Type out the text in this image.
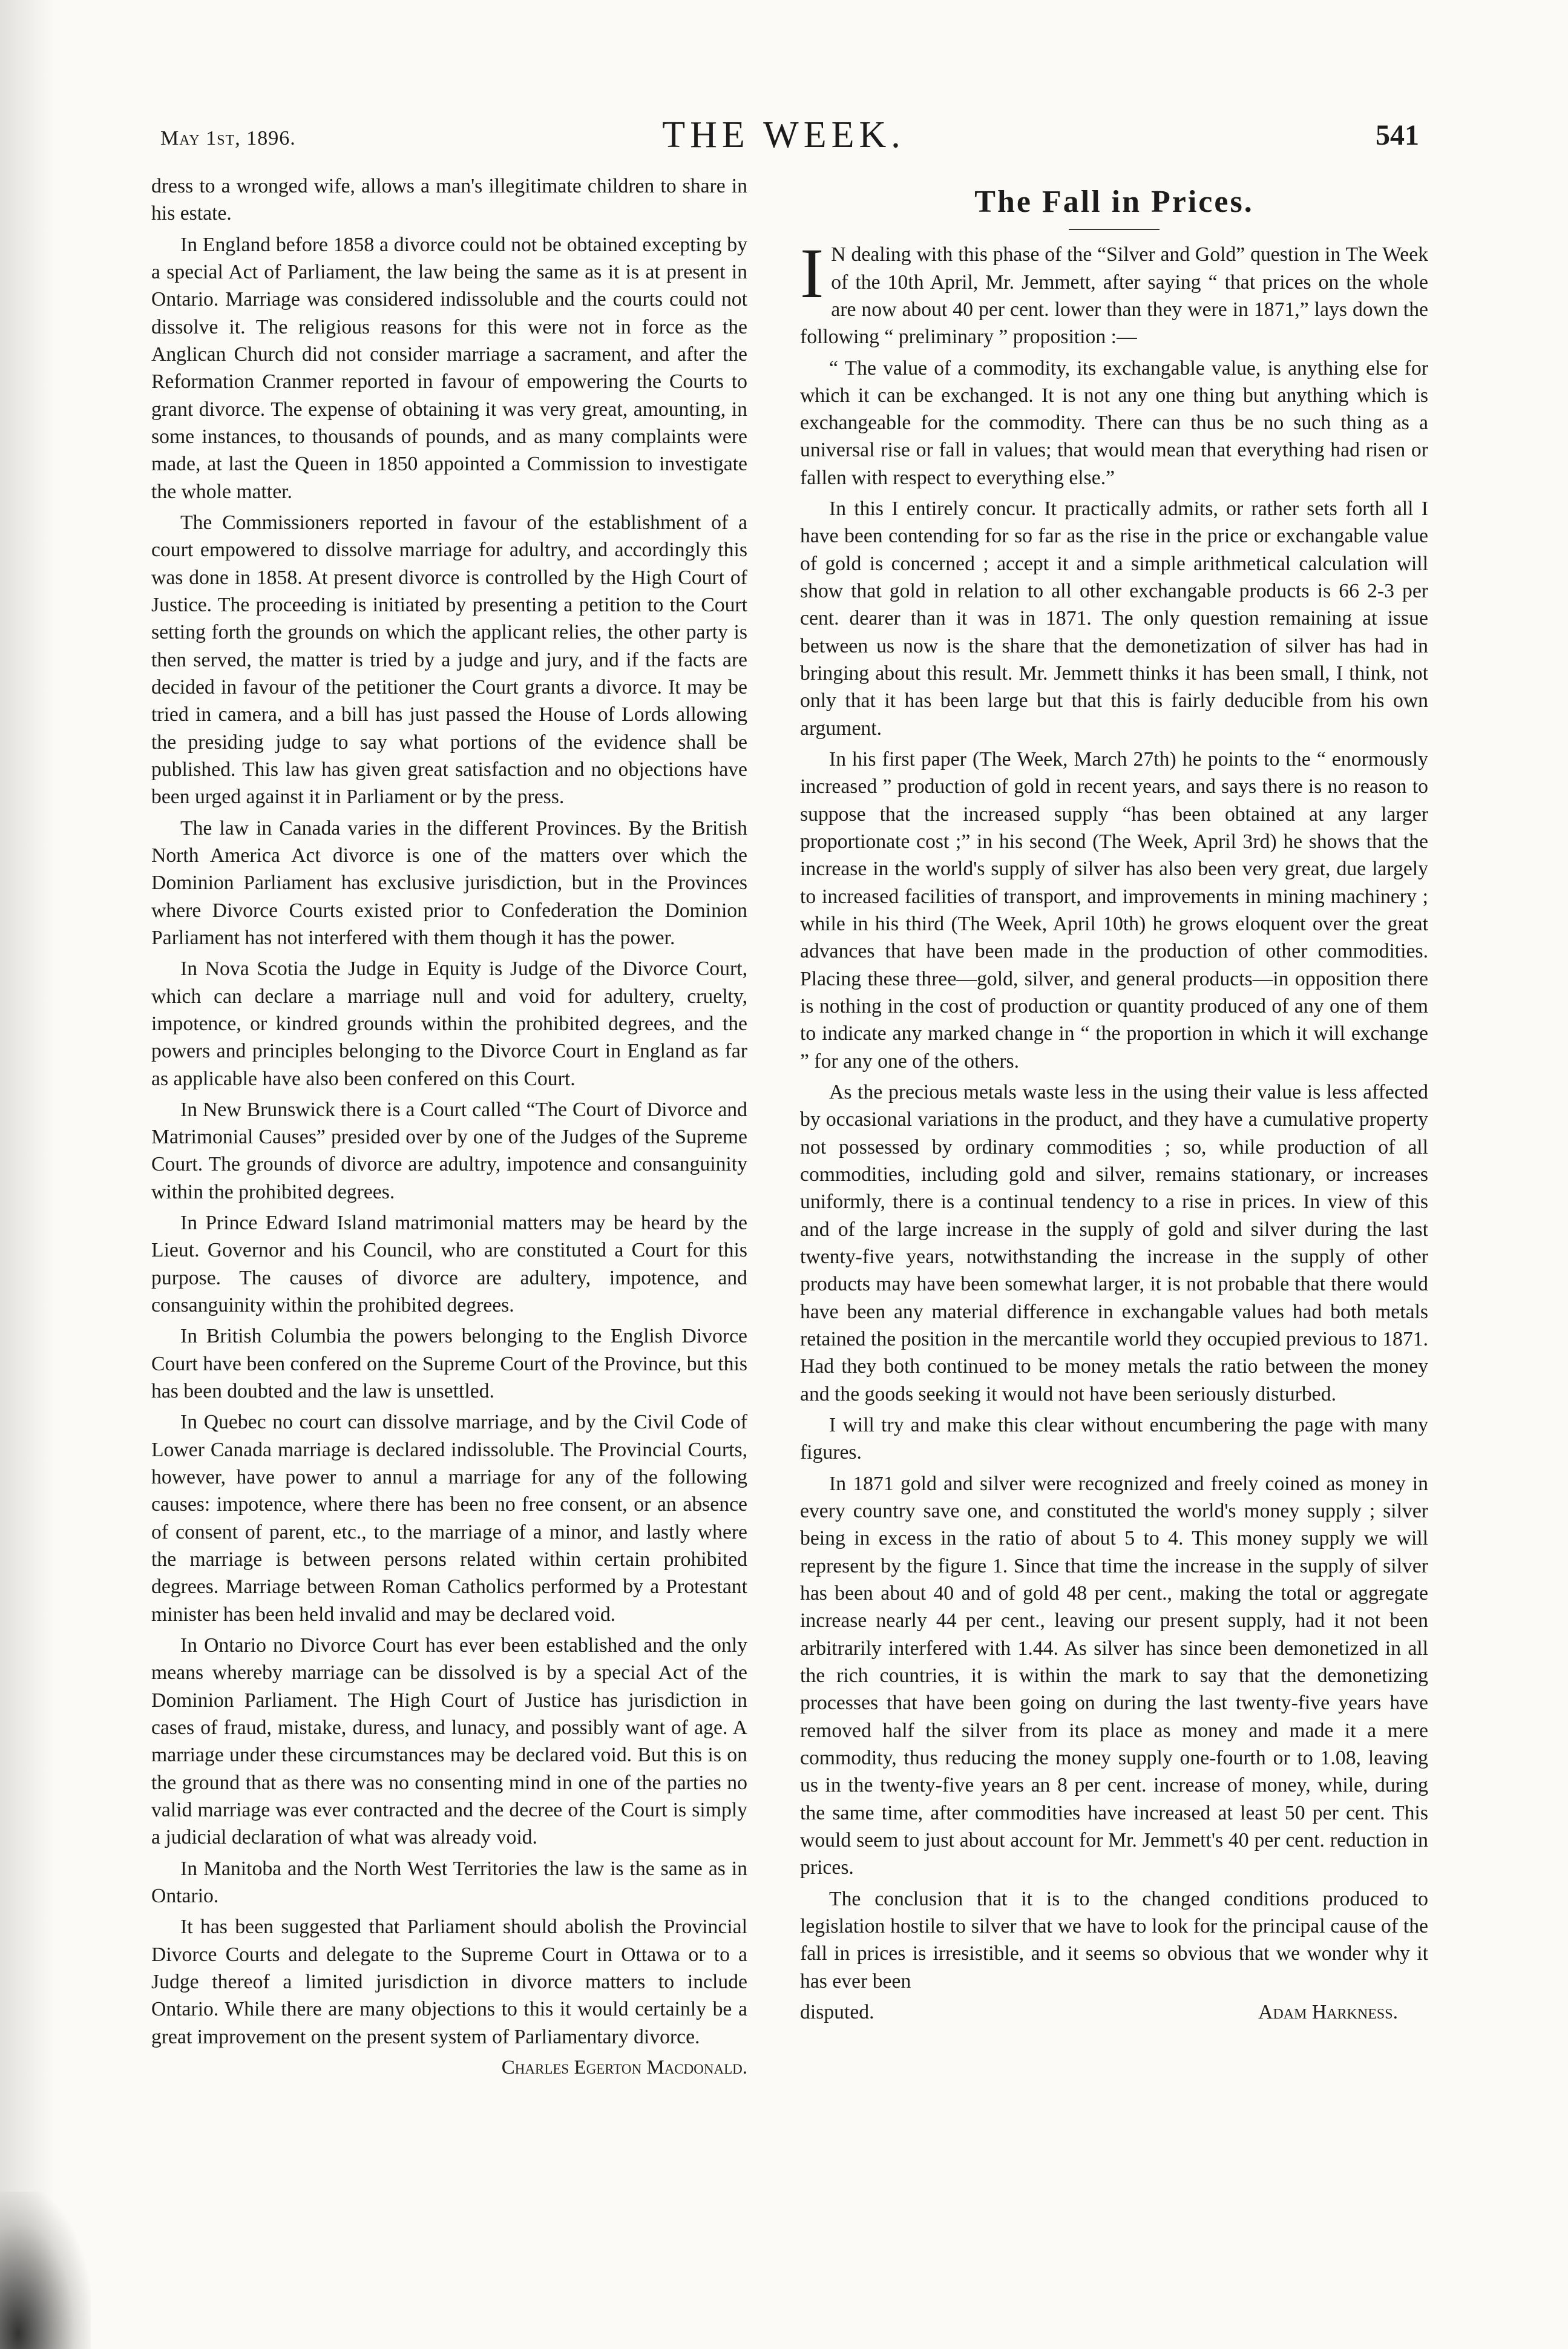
May 1st, 1896.	THE WEEK.	541

dress to a wronged wife, allows a man's illegitimate children to share in his estate.

In England before 1858 a divorce could not be obtained excepting by a special Act of Parliament, the law being the same as it is at present in Ontario. Marriage was considered indissoluble and the courts could not dissolve it. The religious reasons for this were not in force as the Anglican Church did not consider marriage a sacrament, and after the Reformation Cranmer reported in favour of empowering the Courts to grant divorce. The expense of obtaining it was very great, amounting, in some instances, to thousands of pounds, and as many complaints were made, at last the Queen in 1850 appointed a Commission to investigate the whole matter.

The Commissioners reported in favour of the establishment of a court empowered to dissolve marriage for adultry, and accordingly this was done in 1858. At present divorce is controlled by the High Court of Justice. The proceeding is initiated by presenting a petition to the Court setting forth the grounds on which the applicant relies, the other party is then served, the matter is tried by a judge and jury, and if the facts are decided in favour of the petitioner the Court grants a divorce. It may be tried in camera, and a bill has just passed the House of Lords allowing the presiding judge to say what portions of the evidence shall be published. This law has given great satisfaction and no objections have been urged against it in Parliament or by the press.

The law in Canada varies in the different Provinces. By the British North America Act divorce is one of the matters over which the Dominion Parliament has exclusive jurisdiction, but in the Provinces where Divorce Courts existed prior to Confederation the Dominion Parliament has not interfered with them though it has the power.

In Nova Scotia the Judge in Equity is Judge of the Divorce Court, which can declare a marriage null and void for adultery, cruelty, impotence, or kindred grounds within the prohibited degrees, and the powers and principles belonging to the Divorce Court in England as far as applicable have also been confered on this Court.

In New Brunswick there is a Court called “The Court of Divorce and Matrimonial Causes” presided over by one of the Judges of the Supreme Court. The grounds of divorce are adultry, impotence and consanguinity within the prohibited degrees.

In Prince Edward Island matrimonial matters may be heard by the Lieut. Governor and his Council, who are constituted a Court for this purpose. The causes of divorce are adultery, impotence, and consanguinity within the prohibited degrees.

In British Columbia the powers belonging to the English Divorce Court have been confered on the Supreme Court of the Province, but this has been doubted and the law is unsettled.

In Quebec no court can dissolve marriage, and by the Civil Code of Lower Canada marriage is declared indissoluble. The Provincial Courts, however, have power to annul a marriage for any of the following causes: impotence, where there has been no free consent, or an absence of consent of parent, etc., to the marriage of a minor, and lastly where the marriage is between persons related within certain prohibited degrees. Marriage between Roman Catholics performed by a Protestant minister has been held invalid and may be declared void.

In Ontario no Divorce Court has ever been established and the only means whereby marriage can be dissolved is by a special Act of the Dominion Parliament. The High Court of Justice has jurisdiction in cases of fraud, mistake, duress, and lunacy, and possibly want of age. A marriage under these circumstances may be declared void. But this is on the ground that as there was no consenting mind in one of the parties no valid marriage was ever contracted and the decree of the Court is simply a judicial declaration of what was already void.

In Manitoba and the North West Territories the law is the same as in Ontario.

It has been suggested that Parliament should abolish the Provincial Divorce Courts and delegate to the Supreme Court in Ottawa or to a Judge thereof a limited jurisdiction in divorce matters to include Ontario. While there are many objections to this it would certainly be a great improvement on the present system of Parliamentary divorce.

Charles Egerton Macdonald.

The Fall in Prices.

I N dealing with this phase of the “Silver and Gold” question in The Week of the 10th April, Mr. Jemmett, after saying “ that prices on the whole are now about 40 per cent. lower than they were in 1871,” lays down the following “ preliminary ” proposition :—

“ The value of a commodity, its exchangable value, is anything else for which it can be exchanged. It is not any one thing but anything which is exchangeable for the commodity. There can thus be no such thing as a universal rise or fall in values; that would mean that everything had risen or fallen with respect to everything else.”

In this I entirely concur. It practically admits, or rather sets forth all I have been contending for so far as the rise in the price or exchangable value of gold is concerned ; accept it and a simple arithmetical calculation will show that gold in relation to all other exchangable products is 66 2-3 per cent. dearer than it was in 1871. The only question remaining at issue between us now is the share that the demonetization of silver has had in bringing about this result. Mr. Jemmett thinks it has been small, I think, not only that it has been large but that this is fairly deducible from his own argument.

In his first paper (The Week, March 27th) he points to the “ enormously increased ” production of gold in recent years, and says there is no reason to suppose that the increased supply “has been obtained at any larger proportionate cost ;” in his second (The Week, April 3rd) he shows that the increase in the world's supply of silver has also been very great, due largely to increased facilities of transport, and improvements in mining machinery ; while in his third (The Week, April 10th) he grows eloquent over the great advances that have been made in the production of other commodities. Placing these three—gold, silver, and general products—in opposition there is nothing in the cost of production or quantity produced of any one of them to indicate any marked change in “ the proportion in which it will exchange ” for any one of the others.

As the precious metals waste less in the using their value is less affected by occasional variations in the product, and they have a cumulative property not possessed by ordinary commodities ; so, while production of all commodities, including gold and silver, remains stationary, or increases uniformly, there is a continual tendency to a rise in prices. In view of this and of the large increase in the supply of gold and silver during the last twenty-five years, notwithstanding the increase in the supply of other products may have been somewhat larger, it is not probable that there would have been any material difference in exchangable values had both metals retained the position in the mercantile world they occupied previous to 1871. Had they both continued to be money metals the ratio between the money and the goods seeking it would not have been seriously disturbed.

I will try and make this clear without encumbering the page with many figures.

In 1871 gold and silver were recognized and freely coined as money in every country save one, and constituted the world's money supply ; silver being in excess in the ratio of about 5 to 4. This money supply we will represent by the figure 1. Since that time the increase in the supply of silver has been about 40 and of gold 48 per cent., making the total or aggregate increase nearly 44 per cent., leaving our present supply, had it not been arbitrarily interfered with 1.44. As silver has since been demonetized in all the rich countries, it is within the mark to say that the demonetizing processes that have been going on during the last twenty-five years have removed half the silver from its place as money and made it a mere commodity, thus reducing the money supply one-fourth or to 1.08, leaving us in the twenty-five years an 8 per cent. increase of money, while, during the same time, after commodities have increased at least 50 per cent. This would seem to just about account for Mr. Jemmett's 40 per cent. reduction in prices.

The conclusion that it is to the changed conditions produced to legislation hostile to silver that we have to look for the principal cause of the fall in prices is irresistible, and it seems so obvious that we wonder why it has ever been

disputed.	Adam Harkness.
